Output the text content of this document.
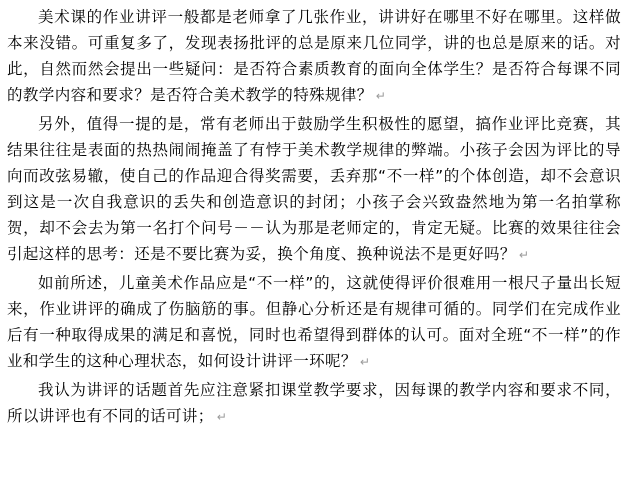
美术课的作业讲评一般都是老师拿了几张作业，讲讲好在哪里不好在哪里。这样做本来没错。可重复多了，发现表扬批评的总是原来几位同学，讲的也总是原来的话。对此，自然而然会提出一些疑问：是否符合素质教育的面向全体学生？是否符合每课不同的教学内容和要求？是否符合美术教学的特殊规律？ ↵

另外，值得一提的是，常有老师出于鼓励学生积极性的愿望，搞作业评比竞赛，其结果往往是表面的热热闹闹掩盖了有悖于美术教学规律的弊端。小孩子会因为评比的导向而改弦易辙，使自己的作品迎合得奖需要，丢弃那“不一样”的个体创造，却不会意识到这是一次自我意识的丢失和创造意识的封闭；小孩子会兴致盎然地为第一名拍掌称贺，却不会去为第一名打个问号－－认为那是老师定的，肯定无疑。比赛的效果往往会引起这样的思考：还是不要比赛为妥，换个角度、换种说法不是更好吗？ ↵

如前所述，儿童美术作品应是“不一样”的，这就使得评价很难用一根尺子量出长短来，作业讲评的确成了伤脑筋的事。但静心分析还是有规律可循的。同学们在完成作业后有一种取得成果的满足和喜悦，同时也希望得到群体的认可。面对全班“不一样”的作业和学生的这种心理状态，如何设计讲评一环呢？ ↵

我认为讲评的话题首先应注意紧扣课堂教学要求，因每课的教学内容和要求不同，所以讲评也有不同的话可讲； ↵
